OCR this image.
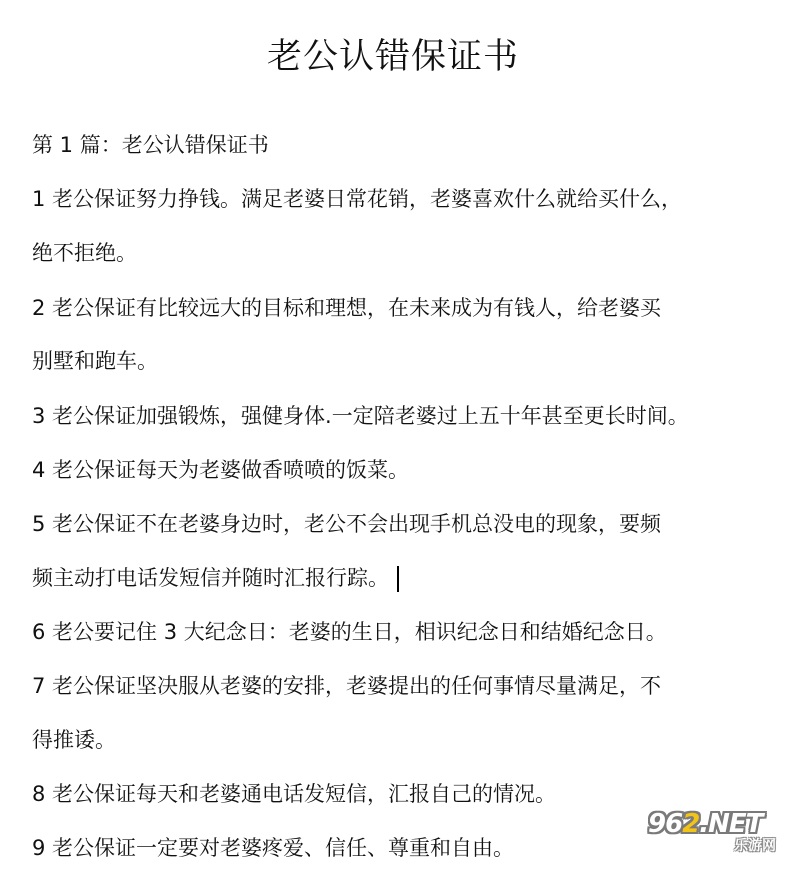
老公认错保证书

第 1 篇：老公认错保证书

1 老公保证努力挣钱。满足老婆日常花销，老婆喜欢什么就给买什么，

绝不拒绝。

2 老公保证有比较远大的目标和理想，在未来成为有钱人，给老婆买

别墅和跑车。

3 老公保证加强锻炼，强健身体.一定陪老婆过上五十年甚至更长时间。

4 老公保证每天为老婆做香喷喷的饭菜。

5 老公保证不在老婆身边时，老公不会出现手机总没电的现象，要频

频主动打电话发短信并随时汇报行踪。

6 老公要记住 3 大纪念日：老婆的生日，相识纪念日和结婚纪念日。

7 老公保证坚决服从老婆的安排，老婆提出的任何事情尽量满足，不

得推诿。

8 老公保证每天和老婆通电话发短信，汇报自己的情况。

9 老公保证一定要对老婆疼爱、信任、尊重和自由。

962.NET
乐游网
